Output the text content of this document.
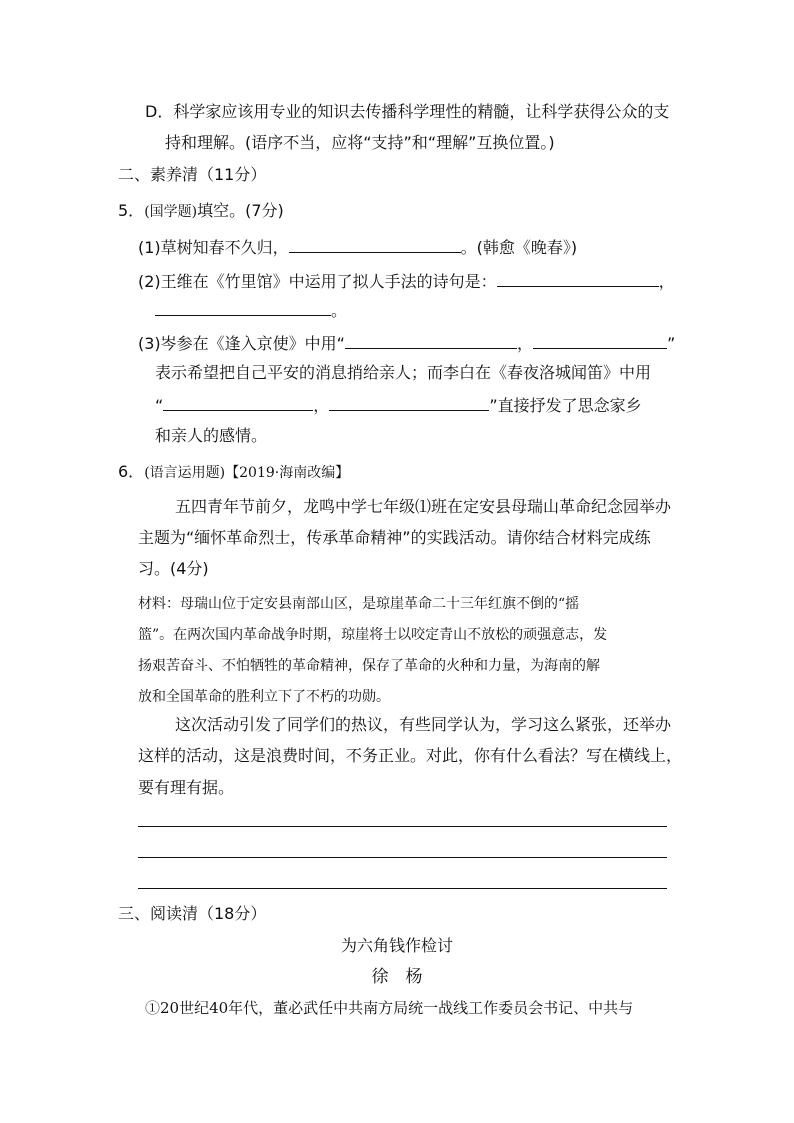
D．科学家应该用专业的知识去传播科学理性的精髓，让科学获得公众的支
持和理解。(语序不当，应将“支持”和“理解”互换位置。)
二、素养清（11分）
5．(国学题)填空。(7分)
(1)草树知春不久归，	。(韩愈《晚春》)
(2)王维在《竹里馆》中运用了拟人手法的诗句是：	，
。
(3)岑参在《逢入京使》中用“	，	”
表示希望把自己平安的消息捎给亲人；而李白在《春夜洛城闻笛》中用
“	，	”直接抒发了思念家乡
和亲人的感情。
6．(语言运用题)【2019·海南改编】
五四青年节前夕，龙鸣中学七年级⑴班在定安县母瑞山革命纪念园举办
主题为“缅怀革命烈士，传承革命精神”的实践活动。请你结合材料完成练
习。(4分)
材料：母瑞山位于定安县南部山区，是琼崖革命二十三年红旗不倒的“摇
篮”。在两次国内革命战争时期，琼崖将士以咬定青山不放松的顽强意志，发
扬艰苦奋斗、不怕牺牲的革命精神，保存了革命的火种和力量，为海南的解
放和全国革命的胜利立下了不朽的功勋。
这次活动引发了同学们的热议，有些同学认为，学习这么紧张，还举办
这样的活动，这是浪费时间，不务正业。对此，你有什么看法？写在横线上，
要有理有据。
三、阅读清（18分）
为六角钱作检讨
徐　杨
①20世纪40年代，董必武任中共南方局统一战线工作委员会书记、中共与
